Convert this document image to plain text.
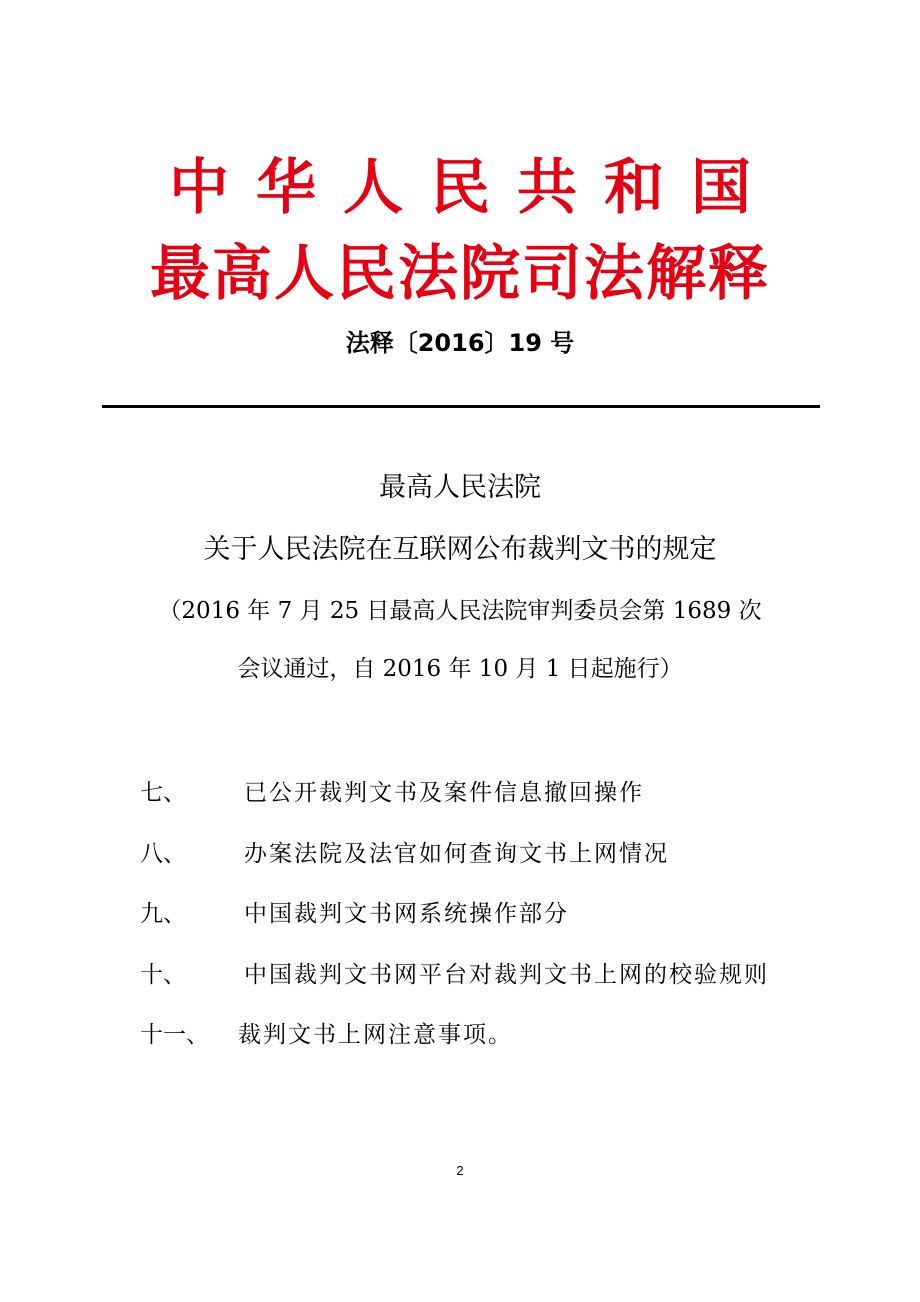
中华人民共和国
最高人民法院司法解释
法释〔2016〕19 号
最高人民法院
关于人民法院在互联网公布裁判文书的规定
（2016 年 7 月 25 日最高人民法院审判委员会第 1689 次
会议通过，自 2016 年 10 月 1 日起施行）
七、	已公开裁判文书及案件信息撤回操作
八、	办案法院及法官如何查询文书上网情况
九、	中国裁判文书网系统操作部分
十、	中国裁判文书网平台对裁判文书上网的校验规则
十一、 裁判文书上网注意事项。
2
